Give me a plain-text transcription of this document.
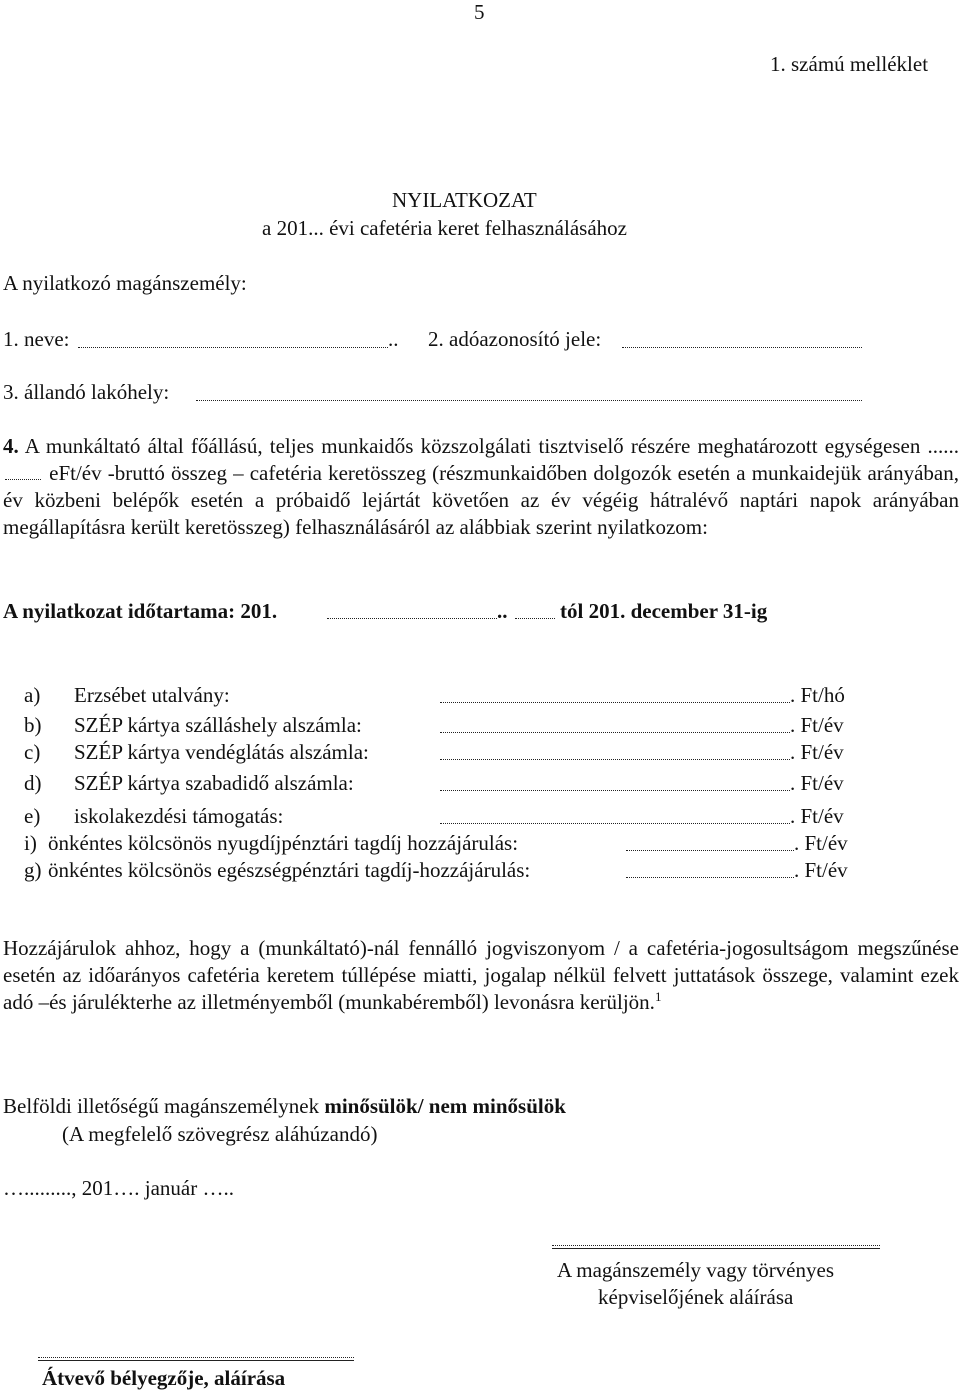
5
1. számú melléklet
NYILATKOZAT
a 201... évi cafetéria keret felhasználásához
A nyilatkozó magánszemély:
1. neve:	.. 2. adóazonosító jele:
3. állandó lakóhely:
4. A munkáltató által főállású, teljes munkaidős közszolgálati tisztviselő részére meghatározott egységesen ......  eFt/év -bruttó összeg – cafetéria keretösszeg (részmunkaidőben dolgozók esetén a munkaidejük arányában, év közbeni belépők esetén a próbaidő lejártát követően az év végéig hátralévő naptári napok arányában megállapításra került keretösszeg) felhasználásáról az alábbiak szerint nyilatkozom:
A nyilatkozat időtartama: 201.	..	tól 201. december 31-ig
a) Erzsébet utalvány:	. Ft/hó
b) SZÉP kártya szálláshely alszámla:	. Ft/év
c) SZÉP kártya vendéglátás alszámla:	. Ft/év
d) SZÉP kártya szabadidő alszámla:	. Ft/év
e) iskolakezdési támogatás:	. Ft/év
i) önkéntes kölcsönös nyugdíjpénztári tagdíj hozzájárulás:	. Ft/év
g) önkéntes kölcsönös egészségpénztári tagdíj-hozzájárulás:	. Ft/év
Hozzájárulok ahhoz, hogy a (munkáltató)-nál fennálló jogviszonyom / a cafetéria-jogosultságom megszűnése esetén az időarányos cafetéria keretem túllépése miatti, jogalap nélkül felvett juttatások összege, valamint ezek adó –és járulékterhe az illetményemből (munkabéremből) levonásra kerüljön.$^1$
Belföldi illetőségű magánszemélynek minősülök/ nem minősülök
(A megfelelő szövegrész aláhúzandó)
…........., 201…. január …..
A magánszemély vagy törvényes
képviselőjének aláírása
Átvevő bélyegzője, aláírása
